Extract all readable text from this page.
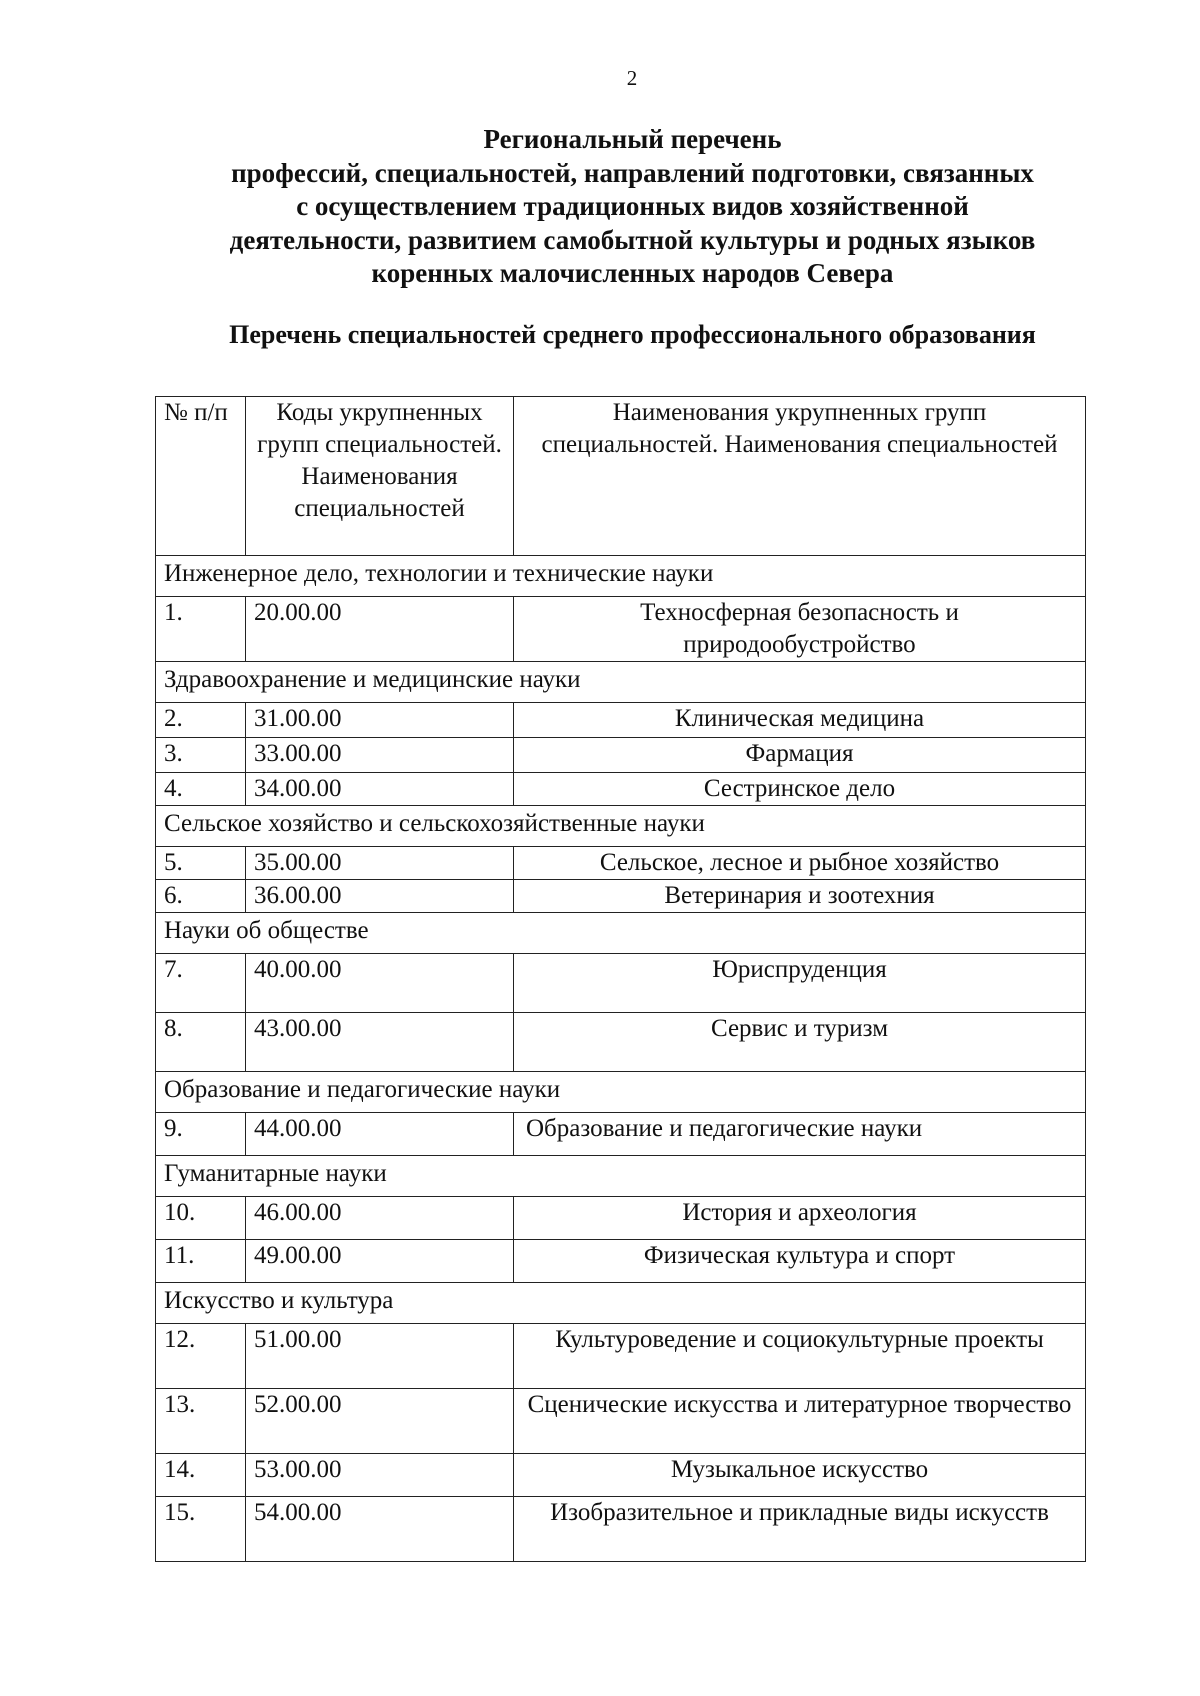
2
Региональный перечень
профессий, специальностей, направлений подготовки, связанных
с осуществлением традиционных видов хозяйственной
деятельности, развитием самобытной культуры и родных языков
коренных малочисленных народов Севера
Перечень специальностей среднего профессионального образования
№ п/п	Коды укрупненных групп специальностей. Наименования специальностей	Наименования укрупненных групп специальностей. Наименования специальностей
Инженерное дело, технологии и технические науки		
1.	20.00.00	Техносферная безопасность и природообустройство
Здравоохранение и медицинские науки		
2.	31.00.00	Клиническая медицина
3.	33.00.00	Фармация
4.	34.00.00	Сестринское дело
Сельское хозяйство и сельскохозяйственные науки		
5.	35.00.00	Сельское, лесное и рыбное хозяйство
6.	36.00.00	Ветеринария и зоотехния
Науки об обществе		
7.	40.00.00	Юриспруденция
8.	43.00.00	Сервис и туризм
Образование и педагогические науки		
9.	44.00.00	Образование и педагогические науки
Гуманитарные науки		
10.	46.00.00	История и археология
11.	49.00.00	Физическая культура и спорт
Искусство и культура		
12.	51.00.00	Культуроведение и социокультурные проекты
13.	52.00.00	Сценические искусства и литературное творчество
14.	53.00.00	Музыкальное искусство
15.	54.00.00	Изобразительное и прикладные виды искусств
